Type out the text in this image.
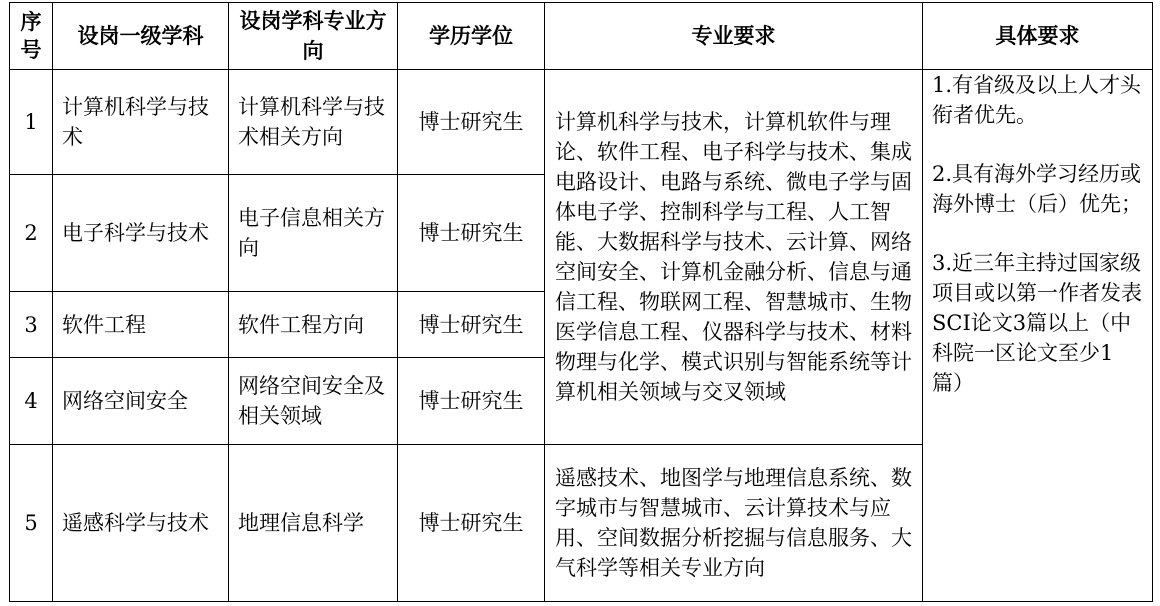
序号	设岗一级学科	设岗学科专业方向	学历学位	专业要求	具体要求
1	计算机科学与技术	计算机科学与技术相关方向	博士研究生	计算机科学与技术，计算机软件与理论、软件工程、电子科学与技术、集成电路设计、电路与系统、微电子学与固体电子学、控制科学与工程、人工智能、大数据科学与技术、云计算、网络空间安全、计算机金融分析、信息与通信工程、物联网工程、智慧城市、生物医学信息工程、仪器科学与技术、材料物理与化学、模式识别与智能系统等计算机相关领域与交叉领域	1.有省级及以上人才头衔者优先。

2.具有海外学习经历或海外博士（后）优先；

3.近三年主持过国家级项目或以第一作者发表SCI论文3篇以上（中科院一区论文至少1篇）

2	电子科学与技术	电子信息相关方向	博士研究生		
3	软件工程	软件工程方向	博士研究生		
4	网络空间安全	网络空间安全及相关领域	博士研究生		
5	遥感科学与技术	地理信息科学	博士研究生	遥感技术、地图学与地理信息系统、数字城市与智慧城市、云计算技术与应用、空间数据分析挖掘与信息服务、大气科学等相关专业方向	
